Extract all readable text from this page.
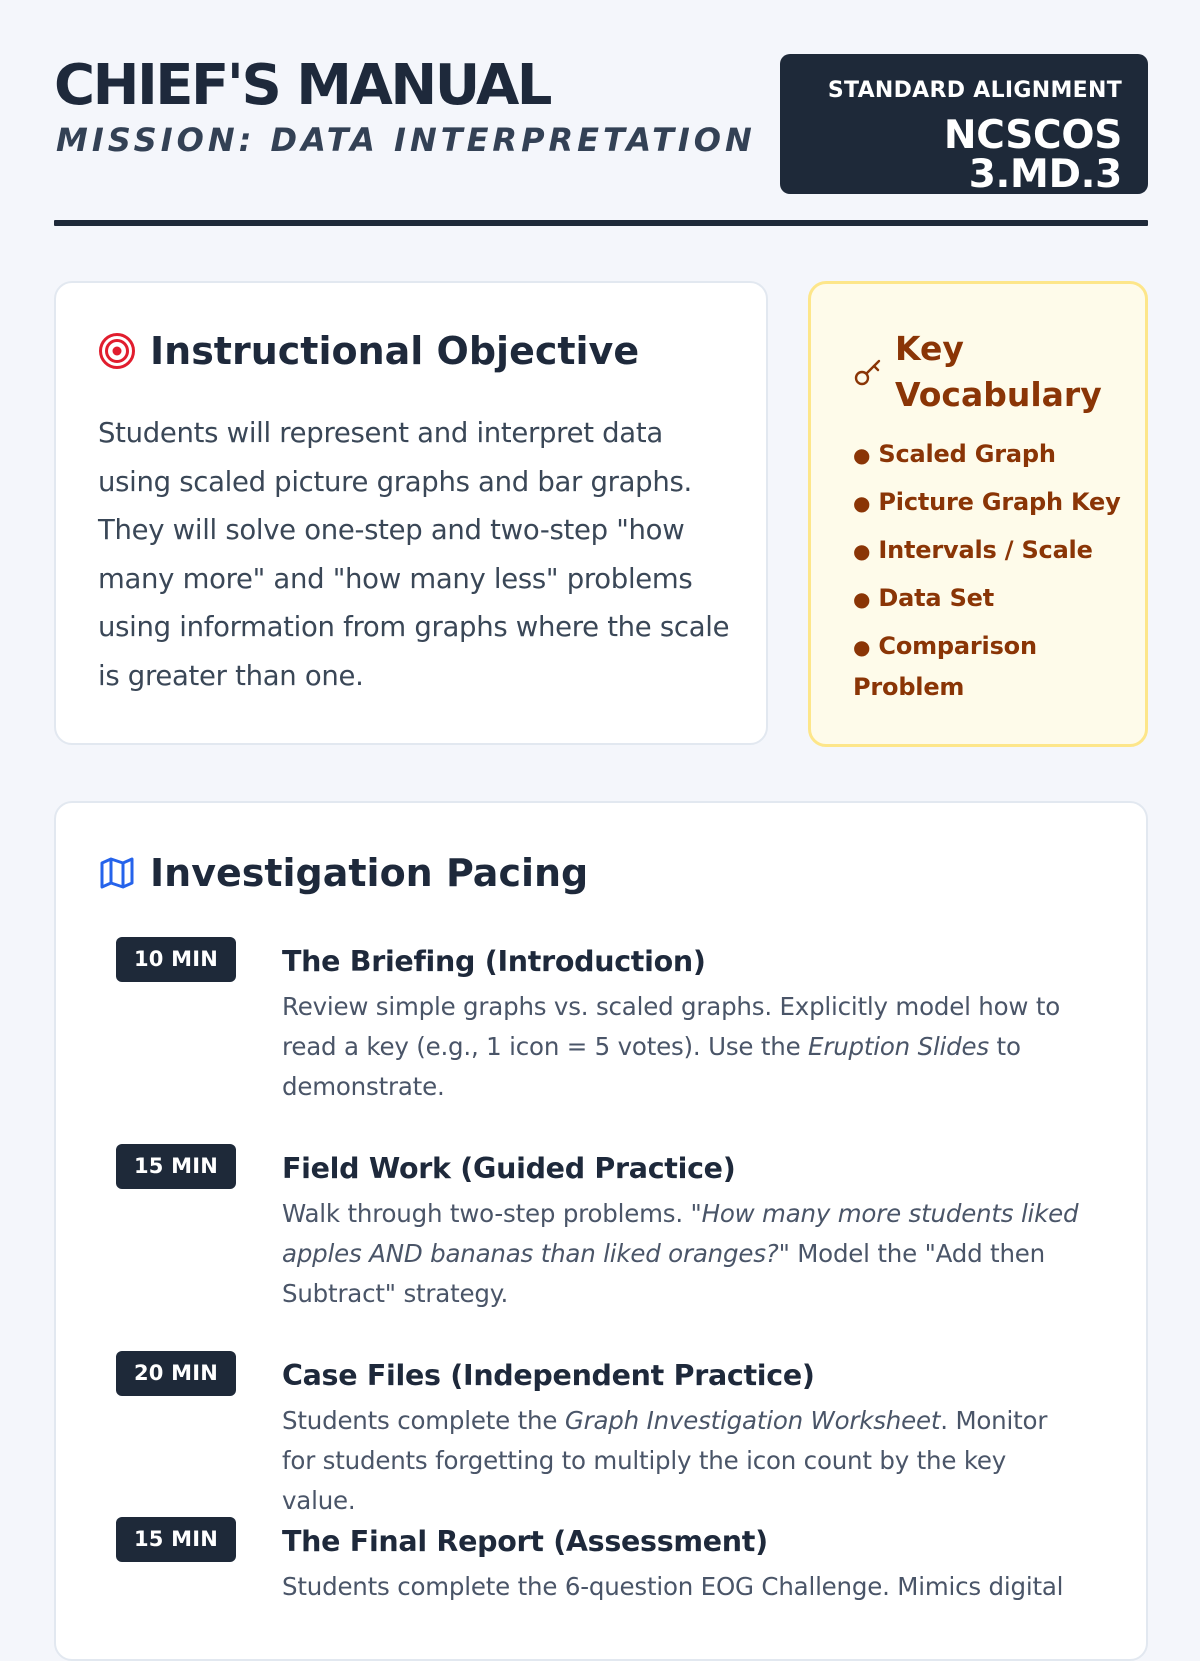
CHIEF'S MANUAL
MISSION: DATA INTERPRETATION
STANDARD ALIGNMENT
NCSCOS 3.MD.3
Instructional Objective

Students will represent and interpret data using scaled picture graphs and bar graphs. They will solve one-step and two-step "how many more" and "how many less" problems using information from graphs where the scale is greater than one.

Key Vocabulary
● Scaled Graph
● Picture Graph Key
● Intervals / Scale
● Data Set
● Comparison Problem
Investigation Pacing
10 MIN	The Briefing (Introduction)

Review simple graphs vs. scaled graphs. Explicitly model how to read a key (e.g., 1 icon = 5 votes). Use the Eruption Slides to demonstrate.

15 MIN	Field Work (Guided Practice)

Walk through two-step problems. "How many more students liked apples AND bananas than liked oranges?" Model the "Add then Subtract" strategy.

20 MIN	Case Files (Independent Practice)

Students complete the Graph Investigation Worksheet. Monitor for students forgetting to multiply the icon count by the key value.

15 MIN	The Final Report (Assessment)

Students complete the 6-question EOG Challenge. Mimics digital
